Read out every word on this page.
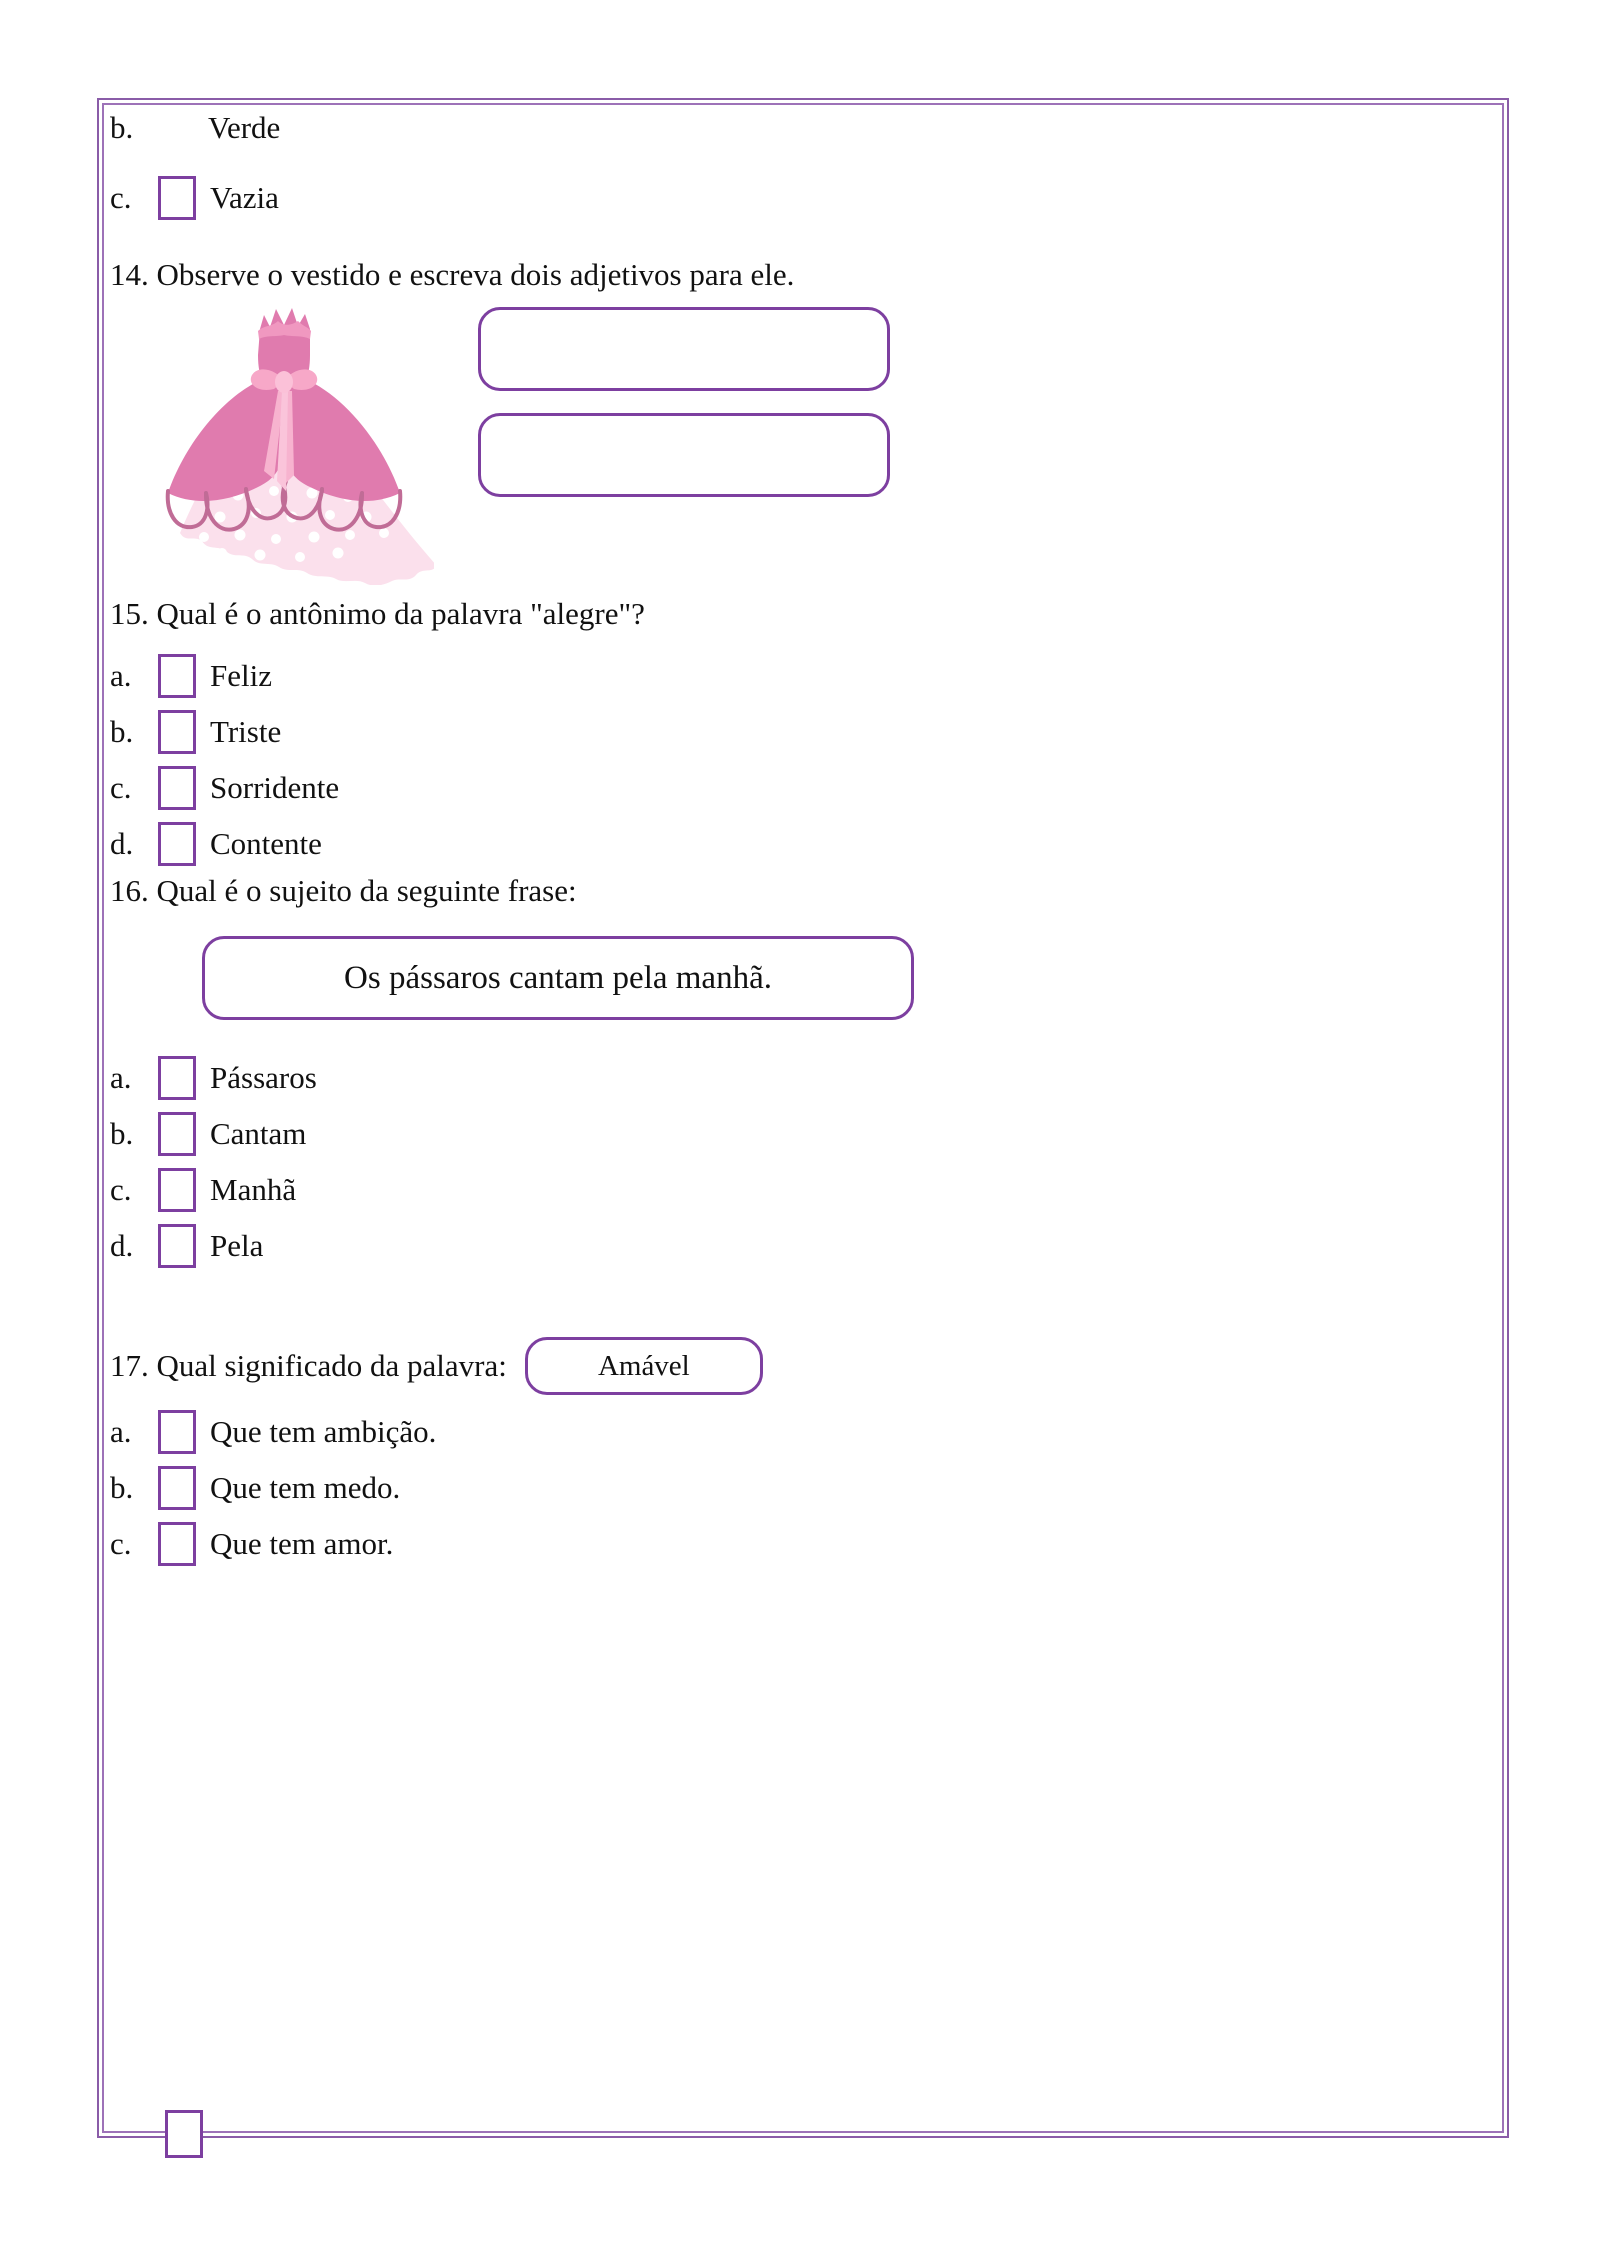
b.	Verde
c.	Vazia
14. Observe o vestido e escreva dois adjetivos para ele.
15. Qual é o antônimo da palavra "alegre"?
a.	Feliz
b.	Triste
c.	Sorridente
d.	Contente
16. Qual é o sujeito da seguinte frase:
Os pássaros cantam pela manhã.
a.	Pássaros
b.	Cantam
c.	Manhã
d.	Pela
17. Qual significado da palavra:	Amável
a.	Que tem ambição.
b.	Que tem medo.
c.	Que tem amor.
